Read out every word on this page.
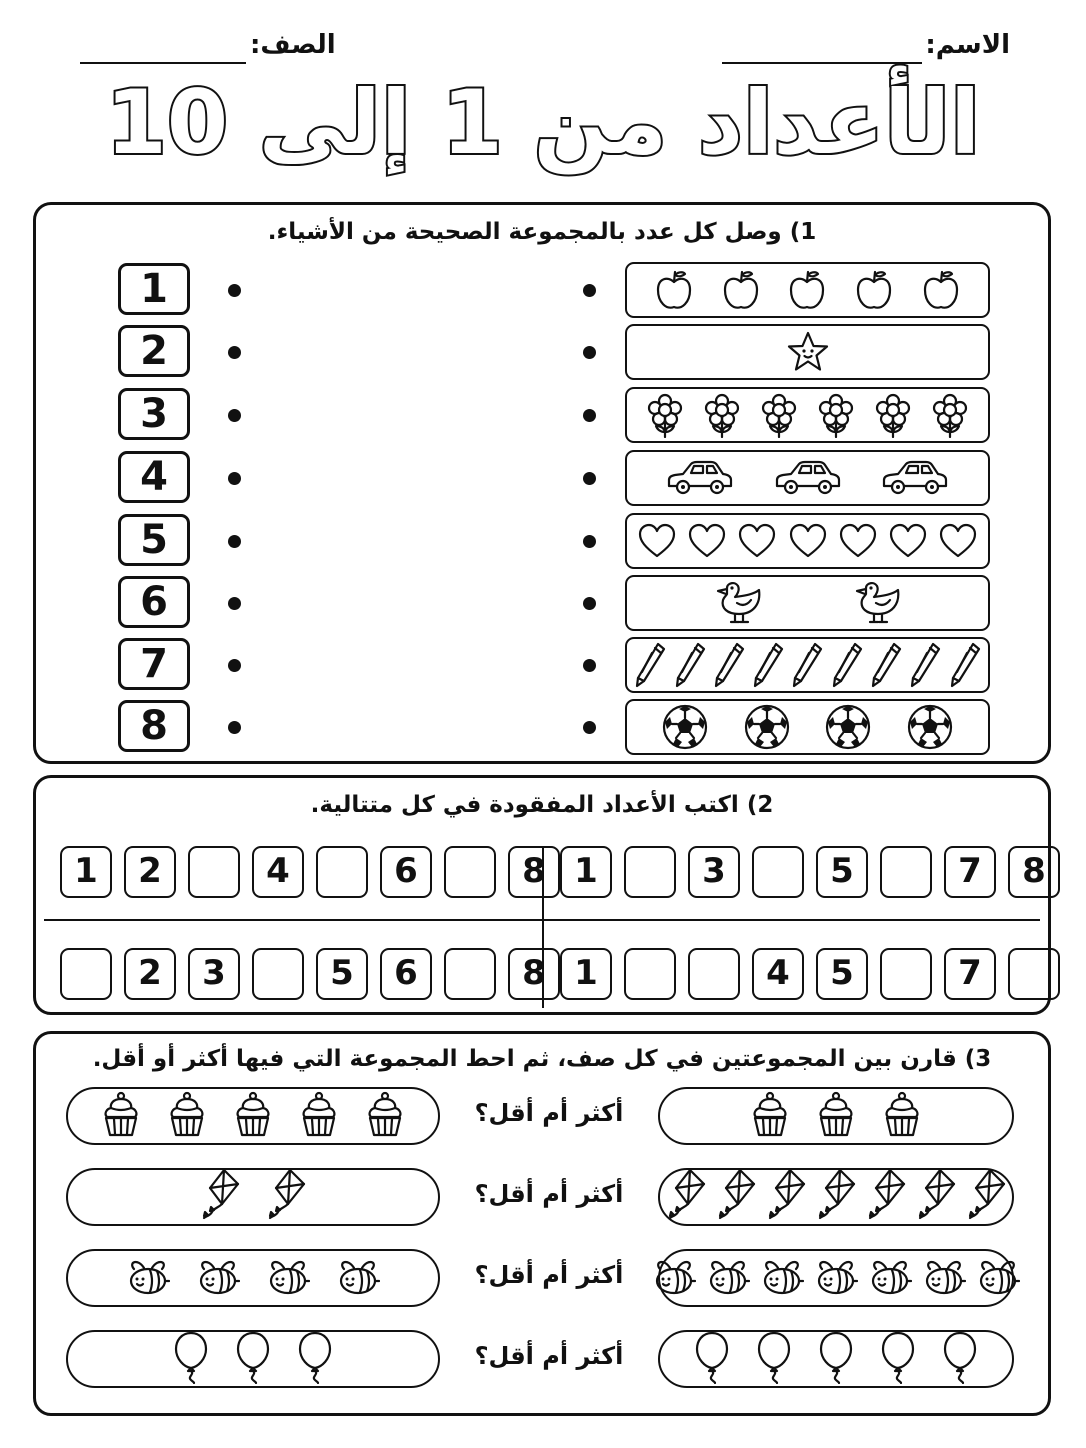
الاسم:
الصف:
الأعداد من 1 إلى 10
1) وصل كل عدد بالمجموعة الصحيحة من الأشياء.
1
2
3
4
5
6
7
8
2) اكتب الأعداد المفقودة في كل متتالية.
1	2	4	6	8 1	3	5	7	8
2	3	5	6	8 1	4	5	7
3) قارن بين المجموعتين في كل صف، ثم احط المجموعة التي فيها أكثر أو أقل.
أكثر أم أقل؟
أكثر أم أقل؟
أكثر أم أقل؟
أكثر أم أقل؟
